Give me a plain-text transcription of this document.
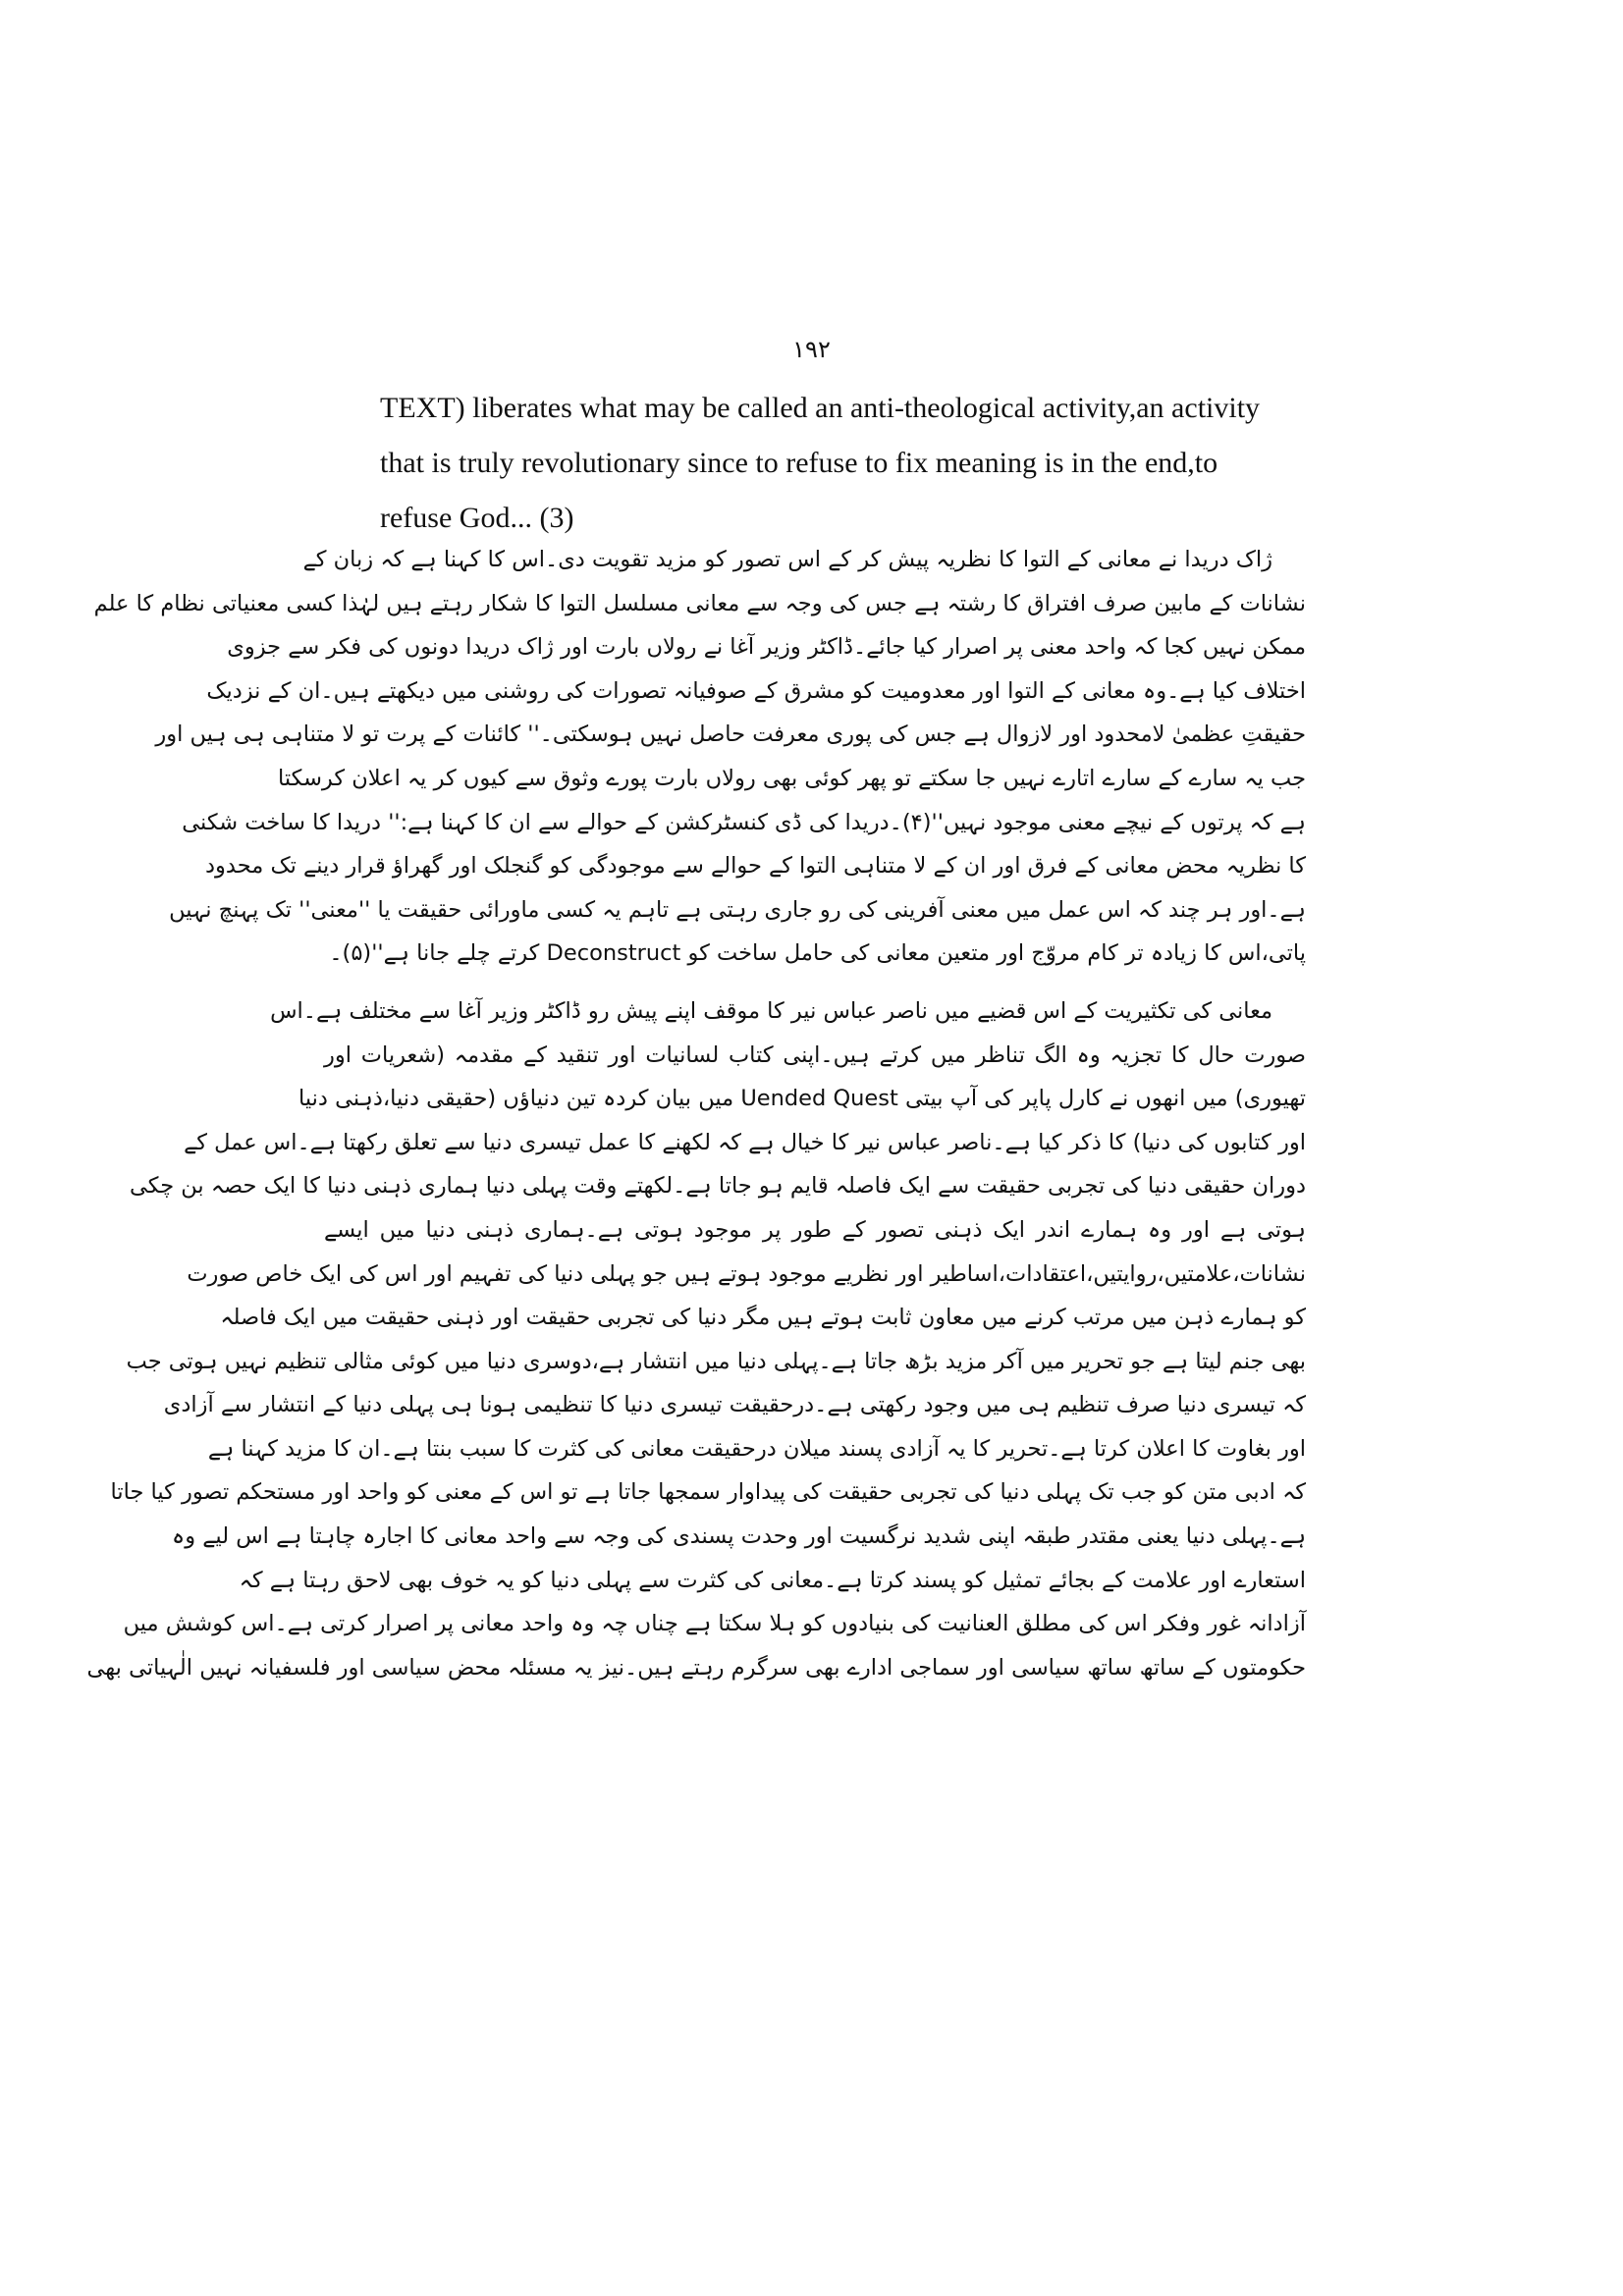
۱۹۲
TEXT) liberates what may be called an anti-theological activity,an activity
that is truly revolutionary since to refuse to fix meaning is in the end,to
refuse God... (3)
ژاک دریدا نے معانی کے التوا کا نظریہ پیش کر کے اس تصور کو مزید تقویت دی۔اس کا کہنا ہے کہ زبان کے
نشانات کے مابین صرف افتراق کا رشتہ ہے جس کی وجہ سے معانی مسلسل التوا کا شکار رہتے ہیں لہٰذا کسی معنیاتی نظام کا علم
ممکن نہیں کجا کہ واحد معنی پر اصرار کیا جائے۔ڈاکٹر وزیر آغا نے رولاں بارت اور ژاک دریدا دونوں کی فکر سے جزوی
اختلاف کیا ہے۔وہ معانی کے التوا اور معدومیت کو مشرق کے صوفیانہ تصورات کی روشنی میں دیکھتے ہیں۔ان کے نزدیک
حقیقتِ عظمیٰ لامحدود اور لازوال ہے جس کی پوری معرفت حاصل نہیں ہوسکتی۔'' کائنات کے پرت تو لا متناہی ہی ہیں اور
جب یہ سارے کے سارے اتارے نہیں جا سکتے تو پھر کوئی بھی رولاں بارت پورے وثوق سے کیوں کر یہ اعلان کرسکتا
ہے کہ پرتوں کے نیچے معنی موجود نہیں''(۴)۔دریدا کی ڈی کنسٹرکشن کے حوالے سے ان کا کہنا ہے:'' دریدا کا ساخت شکنی
کا نظریہ محض معانی کے فرق اور ان کے لا متناہی التوا کے حوالے سے موجودگی کو گنجلک اور گھراؤ قرار دینے تک محدود
ہے۔اور ہر چند کہ اس عمل میں معنی آفرینی کی رو جاری رہتی ہے تاہم یہ کسی ماورائی حقیقت یا ''معنی'' تک پہنچ نہیں
پاتی،اس کا زیادہ تر کام مروّج اور متعین معانی کی حامل ساخت کو Deconstruct کرتے چلے جانا ہے''(۵)۔
معانی کی تکثیریت کے اس قضیے میں ناصر عباس نیر کا موقف اپنے پیش رو ڈاکٹر وزیر آغا سے مختلف ہے۔اس
صورت حال کا تجزیہ وہ الگ تناظر میں کرتے ہیں۔اپنی کتاب لسانیات اور تنقید کے مقدمہ (شعریات اور
تھیوری) میں انھوں نے کارل پاپر کی آپ بیتی Uended Quest میں بیان کردہ تین دنیاؤں (حقیقی دنیا،ذہنی دنیا
اور کتابوں کی دنیا) کا ذکر کیا ہے۔ناصر عباس نیر کا خیال ہے کہ لکھنے کا عمل تیسری دنیا سے تعلق رکھتا ہے۔اس عمل کے
دوران حقیقی دنیا کی تجربی حقیقت سے ایک فاصلہ قایم ہو جاتا ہے۔لکھتے وقت پہلی دنیا ہماری ذہنی دنیا کا ایک حصہ بن چکی
ہوتی ہے اور وہ ہمارے اندر ایک ذہنی تصور کے طور پر موجود ہوتی ہے۔ہماری ذہنی دنیا میں ایسے
نشانات،علامتیں،روایتیں،اعتقادات،اساطیر اور نظریے موجود ہوتے ہیں جو پہلی دنیا کی تفہیم اور اس کی ایک خاص صورت
کو ہمارے ذہن میں مرتب کرنے میں معاون ثابت ہوتے ہیں مگر دنیا کی تجربی حقیقت اور ذہنی حقیقت میں ایک فاصلہ
بھی جنم لیتا ہے جو تحریر میں آکر مزید بڑھ جاتا ہے۔پہلی دنیا میں انتشار ہے،دوسری دنیا میں کوئی مثالی تنظیم نہیں ہوتی جب
کہ تیسری دنیا صرف تنظیم ہی میں وجود رکھتی ہے۔درحقیقت تیسری دنیا کا تنظیمی ہونا ہی پہلی دنیا کے انتشار سے آزادی
اور بغاوت کا اعلان کرتا ہے۔تحریر کا یہ آزادی پسند میلان درحقیقت معانی کی کثرت کا سبب بنتا ہے۔ان کا مزید کہنا ہے
کہ ادبی متن کو جب تک پہلی دنیا کی تجربی حقیقت کی پیداوار سمجھا جاتا ہے تو اس کے معنی کو واحد اور مستحکم تصور کیا جاتا
ہے۔پہلی دنیا یعنی مقتدر طبقہ اپنی شدید نرگسیت اور وحدت پسندی کی وجہ سے واحد معانی کا اجارہ چاہتا ہے اس لیے وہ
استعارے اور علامت کے بجائے تمثیل کو پسند کرتا ہے۔معانی کی کثرت سے پہلی دنیا کو یہ خوف بھی لاحق رہتا ہے کہ
آزادانہ غور وفکر اس کی مطلق العنانیت کی بنیادوں کو ہلا سکتا ہے چناں چہ وہ واحد معانی پر اصرار کرتی ہے۔اس کوشش میں
حکومتوں کے ساتھ ساتھ سیاسی اور سماجی ادارے بھی سرگرم رہتے ہیں۔نیز یہ مسئلہ محض سیاسی اور فلسفیانہ نہیں الٰہیاتی بھی
